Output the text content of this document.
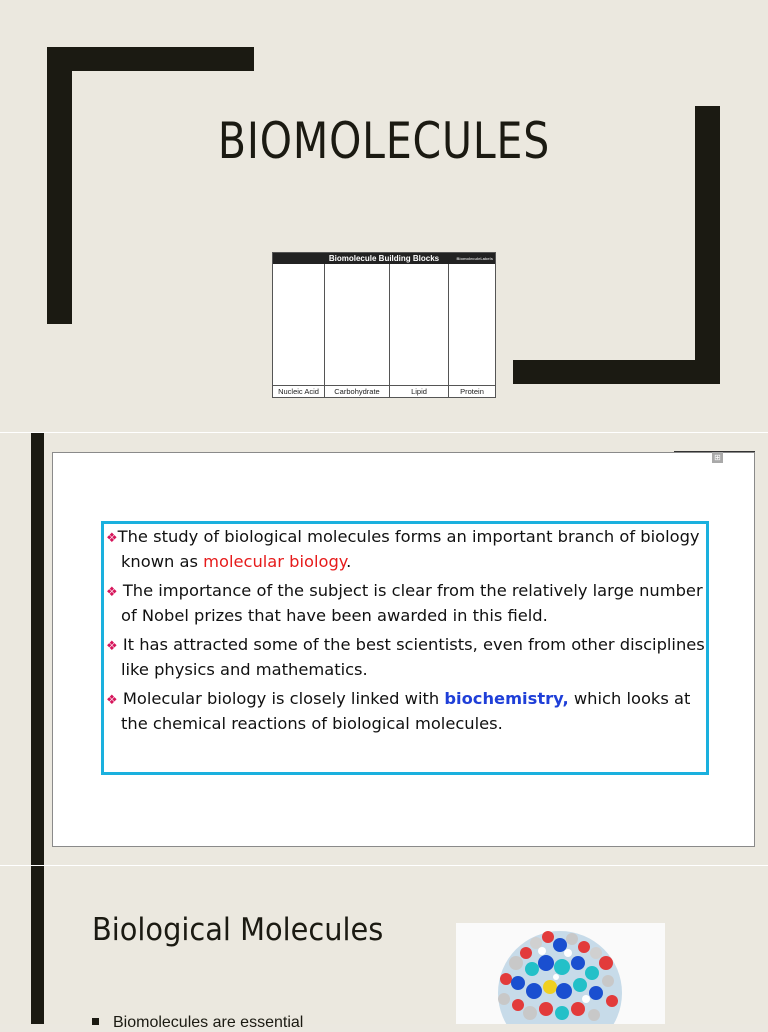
BIOMOLECULES
Biomolecule Building Blocks	BiomoleculeLabels
Nucleic Acid	Carbohydrate	Lipid	Protein
⊞
❖The study of biological molecules forms an important branch of biology known as molecular biology.
❖ The importance of the subject is clear from the relatively large number of Nobel prizes that have been awarded in this field.
❖ It has attracted some of the best scientists, even from other disciplines like physics and mathematics.
❖ Molecular biology is closely linked with biochemistry, which looks at the chemical reactions of biological molecules.
Biological Molecules
Biomolecules are essential
